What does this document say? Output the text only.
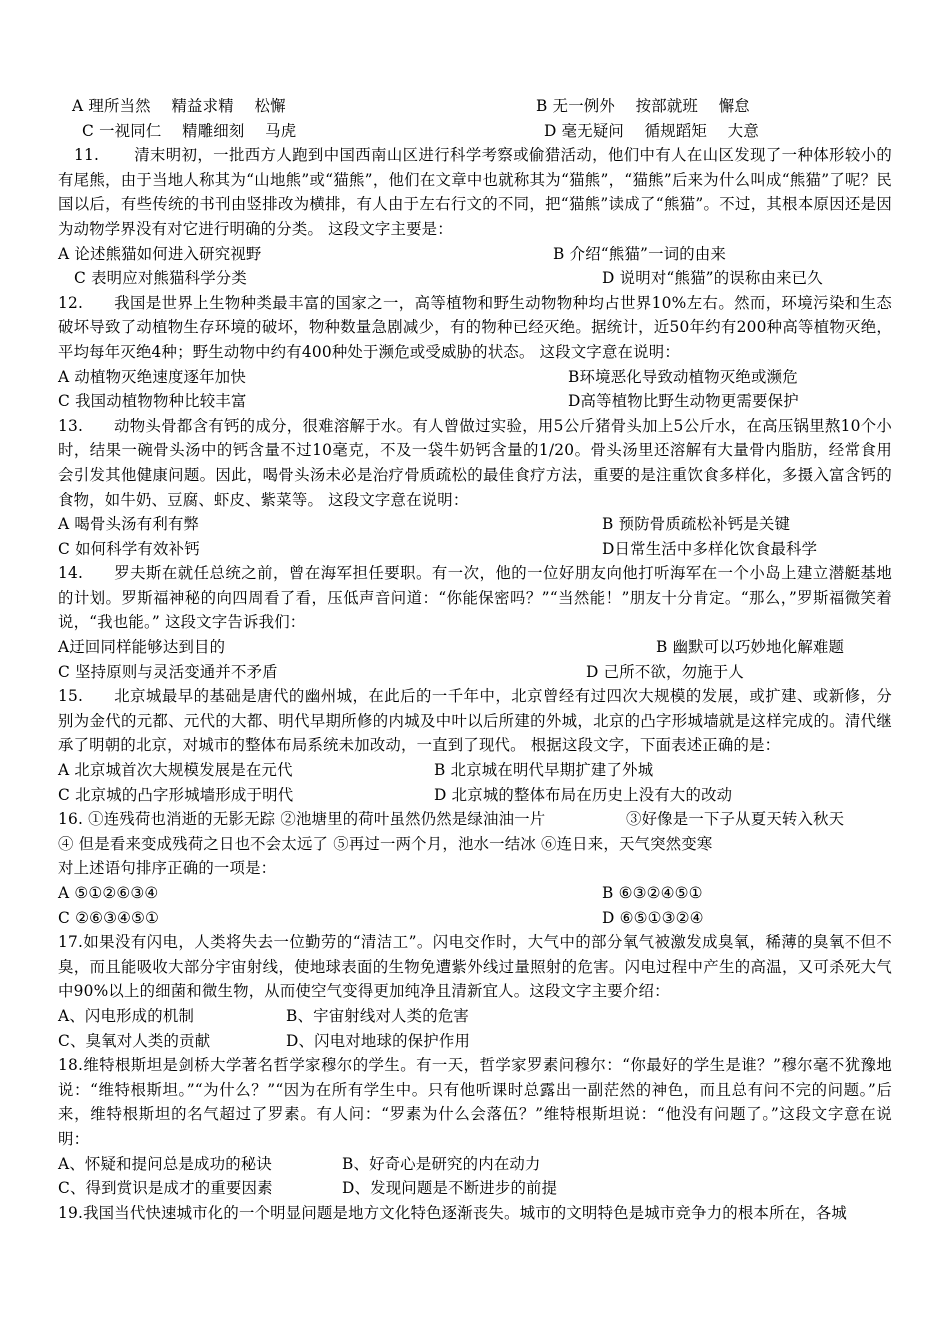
A 理所当然　 精益求精　 松懈	B 无一例外　 按部就班　 懈怠
C 一视同仁　 精雕细刻　 马虎	D 毫无疑问　 循规蹈矩　 大意
11. 清末明初，一批西方人跑到中国西南山区进行科学考察或偷猎活动，他们中有人在山区发现了一种体形较小的有尾熊，由于当地人称其为“山地熊”或“猫熊”，他们在文章中也就称其为“猫熊”，“猫熊”后来为什么叫成“熊猫”了呢？民国以后，有些传统的书刊由竖排改为横排，有人由于左右行文的不同，把“猫熊”读成了“熊猫”。不过，其根本原因还是因为动物学界没有对它进行明确的分类。 这段文字主要是：
A 论述熊猫如何进入研究视野	B 介绍“熊猫”一词的由来
C 表明应对熊猫科学分类	D 说明对“熊猫”的误称由来已久
12. 我国是世界上生物种类最丰富的国家之一，高等植物和野生动物物种均占世界10%左右。然而，环境污染和生态破坏导致了动植物生存环境的破坏，物种数量急剧减少，有的物种已经灭绝。据统计，近50年约有200种高等植物灭绝，平均每年灭绝4种；野生动物中约有400种处于濒危或受威胁的状态。 这段文字意在说明：
A 动植物灭绝速度逐年加快	B环境恶化导致动植物灭绝或濒危
C 我国动植物物种比较丰富	D高等植物比野生动物更需要保护
13. 动物头骨都含有钙的成分，很难溶解于水。有人曾做过实验，用5公斤猪骨头加上5公斤水，在高压锅里熬10个小时，结果一碗骨头汤中的钙含量不过10毫克，不及一袋牛奶钙含量的1/20。骨头汤里还溶解有大量骨内脂肪，经常食用会引发其他健康问题。因此，喝骨头汤未必是治疗骨质疏松的最佳食疗方法，重要的是注重饮食多样化，多摄入富含钙的食物，如牛奶、豆腐、虾皮、紫菜等。 这段文字意在说明：
A 喝骨头汤有利有弊	B 预防骨质疏松补钙是关键
C 如何科学有效补钙	D日常生活中多样化饮食最科学
14. 罗夫斯在就任总统之前，曾在海军担任要职。有一次，他的一位好朋友向他打听海军在一个小岛上建立潜艇基地的计划。罗斯福神秘的向四周看了看，压低声音问道：“你能保密吗？”“当然能！”朋友十分肯定。“那么，”罗斯福微笑着说，“我也能。” 这段文字告诉我们：
A迂回同样能够达到目的	B 幽默可以巧妙地化解难题
C 坚持原则与灵活变通并不矛盾	D 己所不欲，勿施于人
15. 北京城最早的基础是唐代的幽州城，在此后的一千年中，北京曾经有过四次大规模的发展，或扩建、或新修，分别为金代的元都、元代的大都、明代早期所修的内城及中叶以后所建的外城，北京的凸字形城墙就是这样完成的。清代继承了明朝的北京，对城市的整体布局系统未加改动，一直到了现代。 根据这段文字，下面表述正确的是：
A 北京城首次大规模发展是在元代	B 北京城在明代早期扩建了外城
C 北京城的凸字形城墙形成于明代	D 北京城的整体布局在历史上没有大的改动
16. ①连残荷也消逝的无影无踪 ②池塘里的荷叶虽然仍然是绿油油一片	③好像是一下子从夏天转入秋天
④ 但是看来变成残荷之日也不会太远了 ⑤再过一两个月，池水一结冰 ⑥连日来，天气突然变寒
对上述语句排序正确的一项是：
A ⑤①②⑥③④	B ⑥③②④⑤①
C ②⑥③④⑤①	D ⑥⑤①③②④
17.如果没有闪电，人类将失去一位勤劳的“清洁工”。闪电交作时，大气中的部分氧气被激发成臭氧，稀薄的臭氧不但不臭，而且能吸收大部分宇宙射线，使地球表面的生物免遭紫外线过量照射的危害。闪电过程中产生的高温，又可杀死大气中90%以上的细菌和微生物，从而使空气变得更加纯净且清新宜人。这段文字主要介绍：
A、闪电形成的机制	B、宇宙射线对人类的危害
C、臭氧对人类的贡献	D、闪电对地球的保护作用
18.维特根斯坦是剑桥大学著名哲学家穆尔的学生。有一天，哲学家罗素问穆尔：“你最好的学生是谁？”穆尔毫不犹豫地说：“维特根斯坦。”“为什么？”“因为在所有学生中。只有他听课时总露出一副茫然的神色，而且总有问不完的问题。”后来，维特根斯坦的名气超过了罗素。有人问：“罗素为什么会落伍？”维特根斯坦说：“他没有问题了。”这段文字意在说明：
A、怀疑和提问总是成功的秘诀	B、好奇心是研究的内在动力
C、得到赏识是成才的重要因素	D、发现问题是不断进步的前提
19.我国当代快速城市化的一个明显问题是地方文化特色逐渐丧失。城市的文明特色是城市竞争力的根本所在，各城
